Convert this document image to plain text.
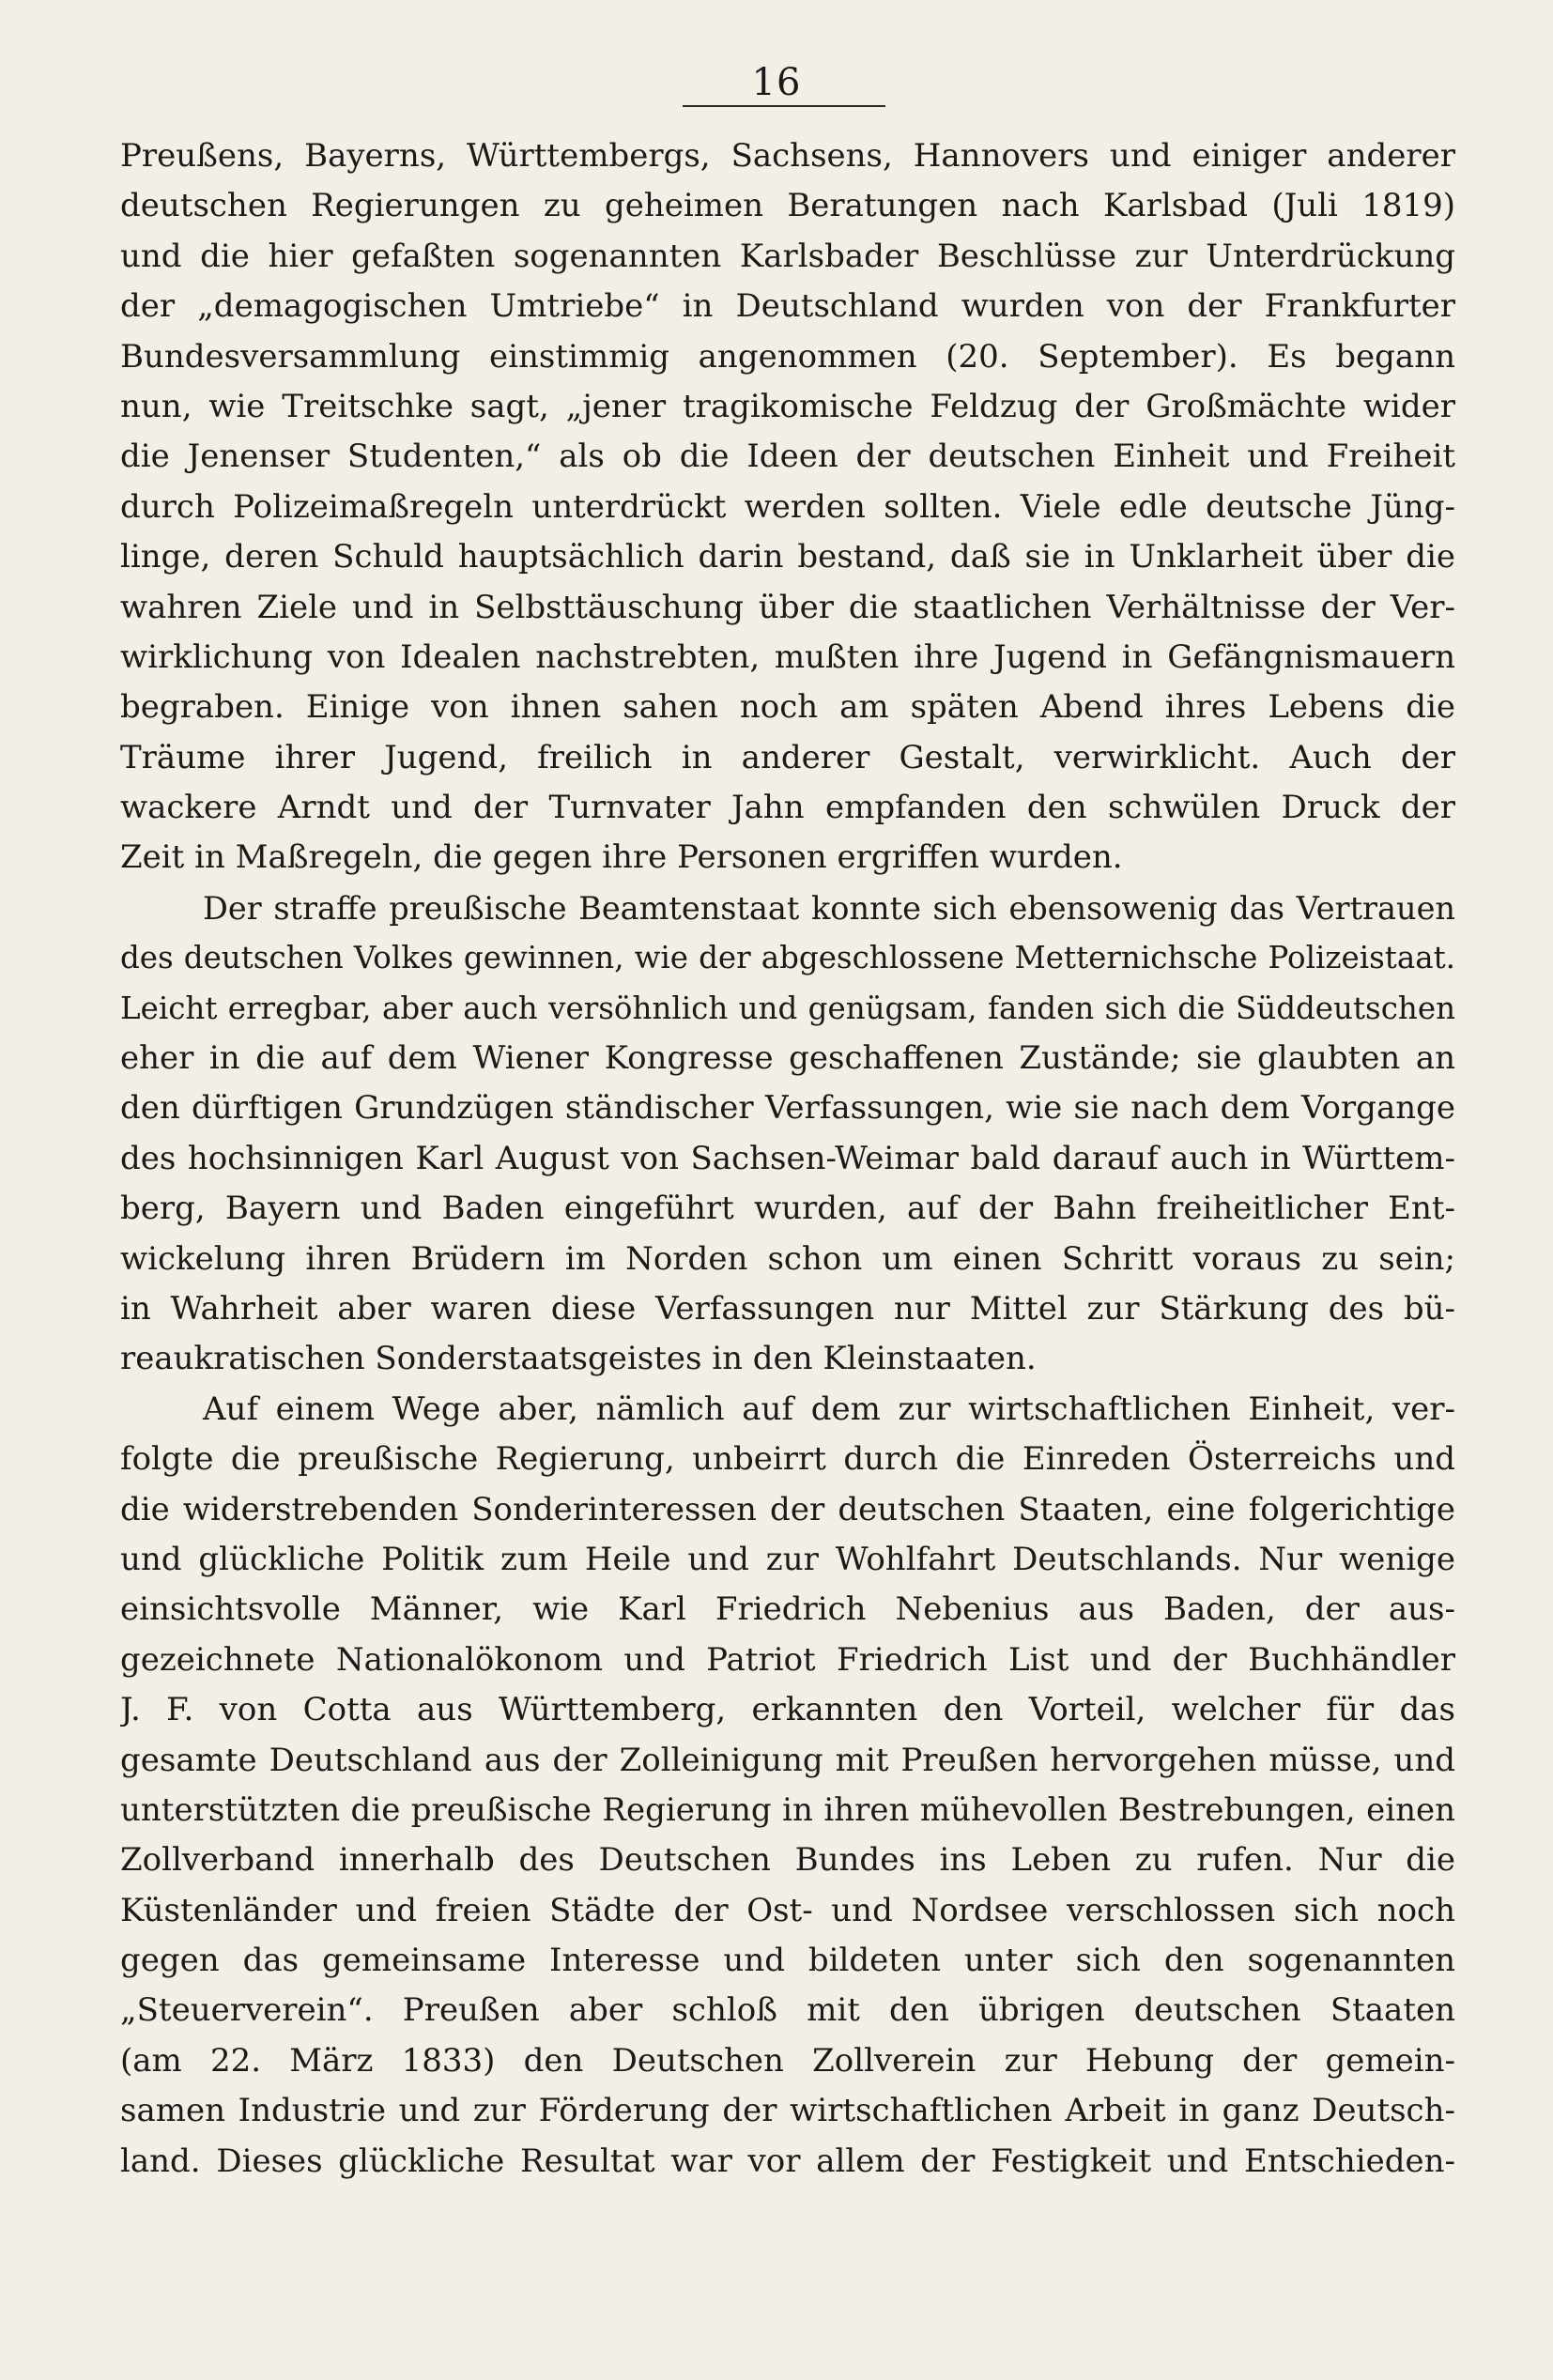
16
Preußens, Bayerns, Württembergs, Sachsens, Hannovers und einiger anderer
deutschen Regierungen zu geheimen Beratungen nach Karlsbad (Juli 1819)
und die hier gefaßten sogenannten Karlsbader Beschlüsse zur Unterdrückung
der „demagogischen Umtriebe“ in Deutschland wurden von der Frankfurter
Bundesversammlung einstimmig angenommen (20. September). Es begann
nun, wie Treitschke sagt, „jener tragikomische Feldzug der Großmächte wider
die Jenenser Studenten,“ als ob die Ideen der deutschen Einheit und Freiheit
durch Polizeimaßregeln unterdrückt werden sollten. Viele edle deutsche Jüng-
linge, deren Schuld hauptsächlich darin bestand, daß sie in Unklarheit über die
wahren Ziele und in Selbsttäuschung über die staatlichen Verhältnisse der Ver-
wirklichung von Idealen nachstrebten, mußten ihre Jugend in Gefängnismauern
begraben. Einige von ihnen sahen noch am späten Abend ihres Lebens die
Träume ihrer Jugend, freilich in anderer Gestalt, verwirklicht. Auch der
wackere Arndt und der Turnvater Jahn empfanden den schwülen Druck der
Zeit in Maßregeln, die gegen ihre Personen ergriffen wurden.
Der straffe preußische Beamtenstaat konnte sich ebensowenig das Vertrauen
des deutschen Volkes gewinnen, wie der abgeschlossene Metternichsche Polizeistaat.
Leicht erregbar, aber auch versöhnlich und genügsam, fanden sich die Süddeutschen
eher in die auf dem Wiener Kongresse geschaffenen Zustände; sie glaubten an
den dürftigen Grundzügen ständischer Verfassungen, wie sie nach dem Vorgange
des hochsinnigen Karl August von Sachsen-Weimar bald darauf auch in Württem-
berg, Bayern und Baden eingeführt wurden, auf der Bahn freiheitlicher Ent-
wickelung ihren Brüdern im Norden schon um einen Schritt voraus zu sein;
in Wahrheit aber waren diese Verfassungen nur Mittel zur Stärkung des bü-
reaukratischen Sonderstaatsgeistes in den Kleinstaaten.
Auf einem Wege aber, nämlich auf dem zur wirtschaftlichen Einheit, ver-
folgte die preußische Regierung, unbeirrt durch die Einreden Österreichs und
die widerstrebenden Sonderinteressen der deutschen Staaten, eine folgerichtige
und glückliche Politik zum Heile und zur Wohlfahrt Deutschlands. Nur wenige
einsichtsvolle Männer, wie Karl Friedrich Nebenius aus Baden, der aus-
gezeichnete Nationalökonom und Patriot Friedrich List und der Buchhändler
J. F. von Cotta aus Württemberg, erkannten den Vorteil, welcher für das
gesamte Deutschland aus der Zolleinigung mit Preußen hervorgehen müsse, und
unterstützten die preußische Regierung in ihren mühevollen Bestrebungen, einen
Zollverband innerhalb des Deutschen Bundes ins Leben zu rufen. Nur die
Küstenländer und freien Städte der Ost- und Nordsee verschlossen sich noch
gegen das gemeinsame Interesse und bildeten unter sich den sogenannten
„Steuerverein“. Preußen aber schloß mit den übrigen deutschen Staaten
(am 22. März 1833) den Deutschen Zollverein zur Hebung der gemein-
samen Industrie und zur Förderung der wirtschaftlichen Arbeit in ganz Deutsch-
land. Dieses glückliche Resultat war vor allem der Festigkeit und Entschieden-
